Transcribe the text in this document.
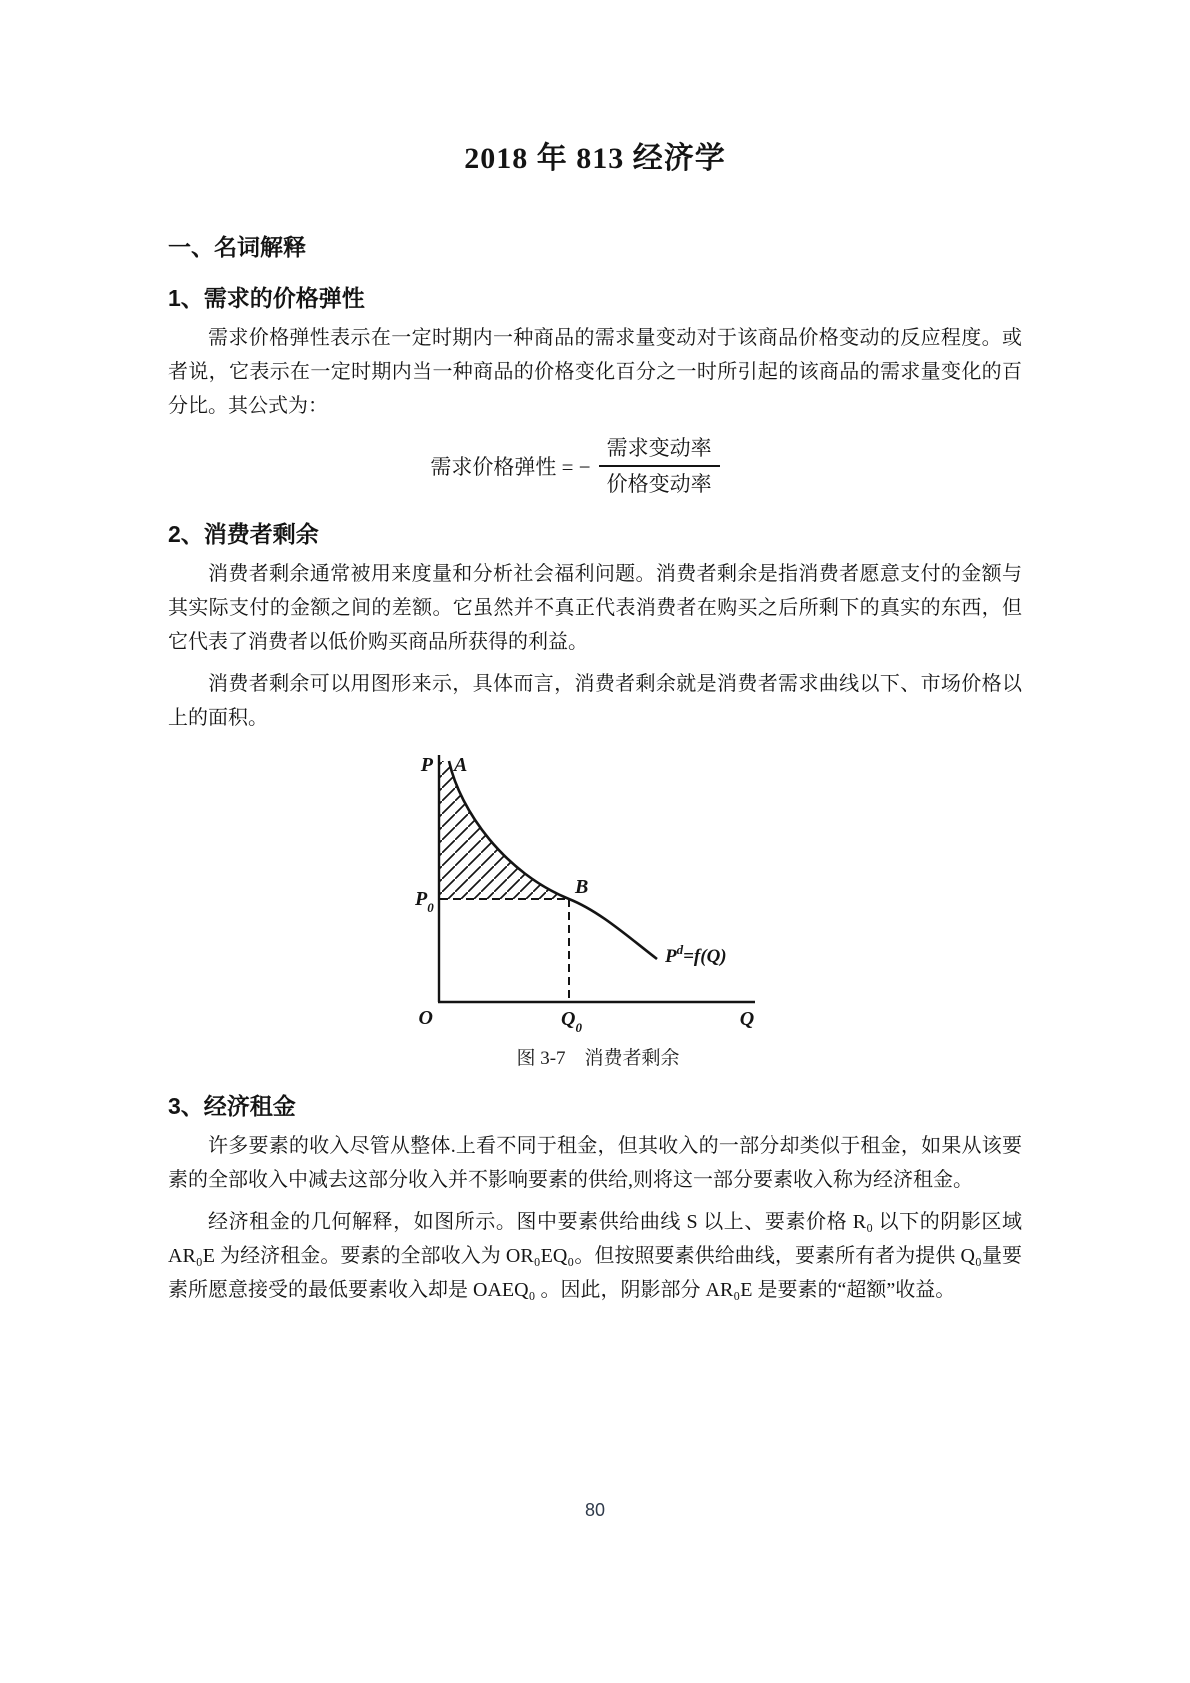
2018 年 813 经济学
一、名词解释
1、需求的价格弹性

需求价格弹性表示在一定时期内一种商品的需求量变动对于该商品价格变动的反应程度。或者说，它表示在一定时期内当一种商品的价格变化百分之一时所引起的该商品的需求量变化的百分比。其公式为：

需求价格弹性 = − $\frac{\text{需求变动率}}{\text{价格变动率}}$
2、消费者剩余

消费者剩余通常被用来度量和分析社会福利问题。消费者剩余是指消费者愿意支付的金额与其实际支付的金额之间的差额。它虽然并不真正代表消费者在购买之后所剩下的真实的东西，但它代表了消费者以低价购买商品所获得的利益。

消费者剩余可以用图形来示，具体而言，消费者剩余就是消费者需求曲线以下、市场价格以上的面积。

P A
B
$P_0$
O	$Q_0$	Q
$P^d=f(Q)$
图 3-7　消费者剩余
3、经济租金

许多要素的收入尽管从整体.上看不同于租金，但其收入的一部分却类似于租金，如果从该要素的全部收入中减去这部分收入并不影响要素的供给,则将这一部分要素收入称为经济租金。

经济租金的几何解释，如图所示。图中要素供给曲线 S 以上、要素价格 R₀ 以下的阴影区域 AR₀E 为经济租金。要素的全部收入为 OR₀EQ₀。但按照要素供给曲线，要素所有者为提供 Q₀量要素所愿意接受的最低要素收入却是 OAEQ₀ 。因此，阴影部分 AR₀E 是要素的“超额”收益。

80
